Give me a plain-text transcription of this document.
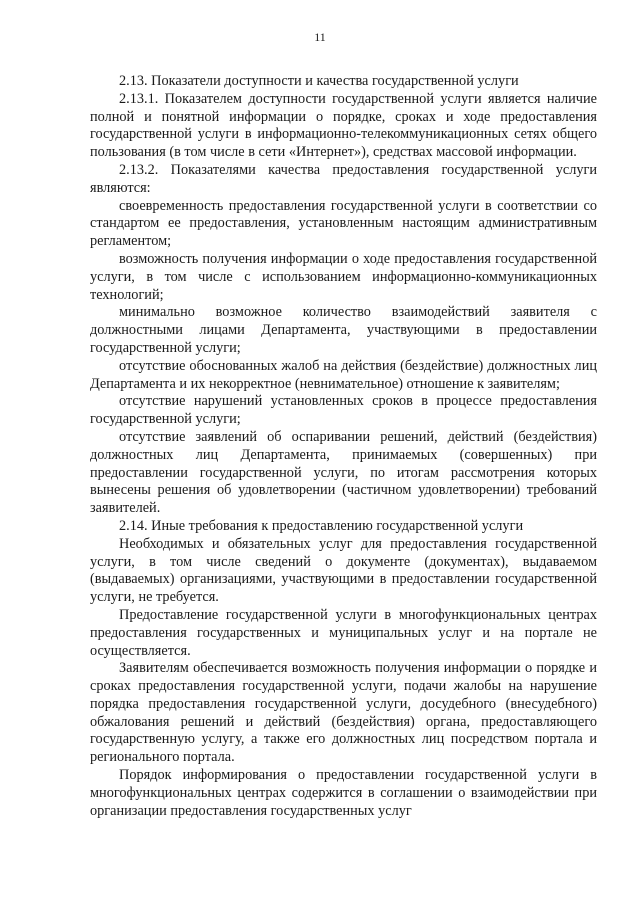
11

2.13. Показатели доступности и качества государственной услуги

2.13.1. Показателем доступности государственной услуги является наличие полной и понятной информации о порядке, сроках и ходе предоставления государственной услуги в информационно-телекоммуникационных сетях общего пользования (в том числе в сети «Интернет»), средствах массовой информации.

2.13.2. Показателями качества предоставления государственной услуги являются:

своевременность предоставления государственной услуги в соответствии со стандартом ее предоставления, установленным настоящим административным регламентом;

возможность получения информации о ходе предоставления государственной услуги, в том числе с использованием информационно-коммуникационных технологий;

минимально возможное количество взаимодействий заявителя с должностными лицами Департамента, участвующими в предоставлении государственной услуги;

отсутствие обоснованных жалоб на действия (бездействие) должностных лиц Департамента и их некорректное (невнимательное) отношение к заявителям;

отсутствие нарушений установленных сроков в процессе предоставления государственной услуги;

отсутствие заявлений об оспаривании решений, действий (бездействия) должностных лиц Департамента, принимаемых (совершенных) при предоставлении государственной услуги, по итогам рассмотрения которых вынесены решения об удовлетворении (частичном удовлетворении) требований заявителей.

2.14. Иные требования к предоставлению государственной услуги

Необходимых и обязательных услуг для предоставления государственной услуги, в том числе сведений о документе (документах), выдаваемом (выдаваемых) организациями, участвующими в предоставлении государственной услуги, не требуется.

Предоставление государственной услуги в многофункциональных центрах предоставления государственных и муниципальных услуг и на портале не осуществляется.

Заявителям обеспечивается возможность получения информации о порядке и сроках предоставления государственной услуги, подачи жалобы на нарушение порядка предоставления государственной услуги, досудебного (внесудебного) обжалования решений и действий (бездействия) органа, предоставляющего государственную услугу, а также его должностных лиц посредством портала и регионального портала.

Порядок информирования о предоставлении государственной услуги в многофункциональных центрах содержится в соглашении о взаимодействии при организации предоставления государственных услуг
